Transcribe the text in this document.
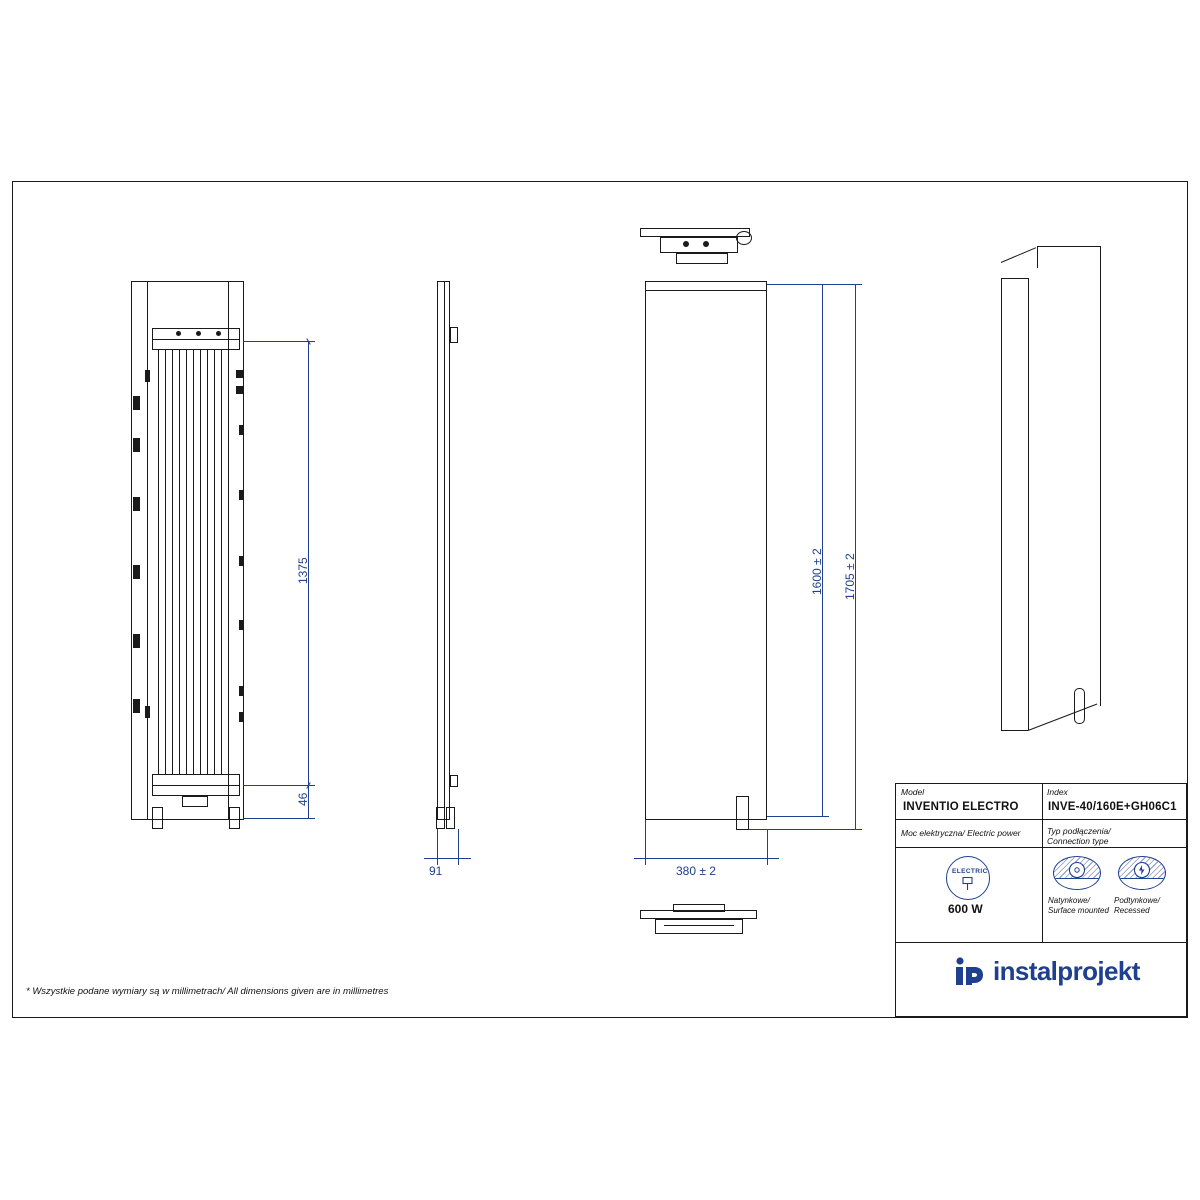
1375
46
91
1600 ± 2 1705 ± 2
380 ± 2
Model
INVENTIO ELECTRO
Index
INVE-40/160E+GH06C1
Moc elektryczna/ Electric power	Typ podłączenia/
Connection type
ELECTRIC
600 W
Natynkowe/
Surface mounted
Podtynkowe/
Recessed
instalprojekt
* Wszystkie podane wymiary są w millimetrach/ All dimensions given are in millimetres
